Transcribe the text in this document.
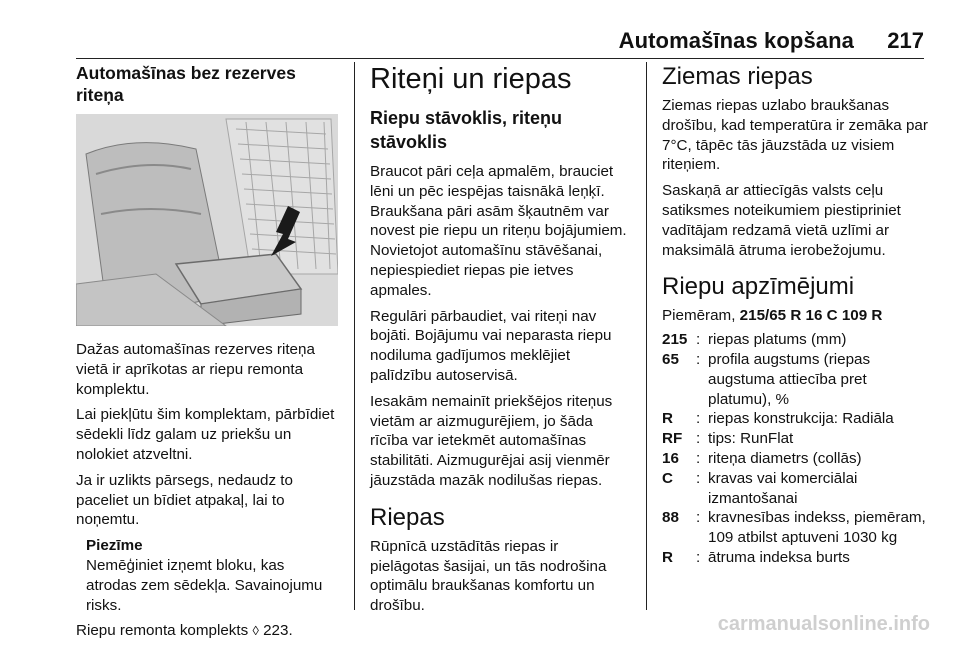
Automašīnas kopšana 217
Automašīnas bez rezerves riteņa

Dažas automašīnas rezerves riteņa vietā ir aprīkotas ar riepu remonta komplektu.

Lai piekļūtu šim komplektam, pārbīdiet sēdekli līdz galam uz priekšu un nolokiet atzveltni.

Ja ir uzlikts pārsegs, nedaudz to paceliet un bīdiet atpakaļ, lai to noņemtu.

Piezīme

Nemēģiniet izņemt bloku, kas atrodas zem sēdekļa. Savainojumu risks.

Riepu remonta komplekts ◊ 223.

Riteņi un riepas
Riepu stāvoklis, riteņu stāvoklis

Braucot pāri ceļa apmalēm, brauciet lēni un pēc iespējas taisnākā leņķī. Braukšana pāri asām šķautnēm var novest pie riepu un riteņu bojājumiem. Novietojot automašīnu stāvēšanai, nepiespiediet riepas pie ietves apmales.

Regulāri pārbaudiet, vai riteņi nav bojāti. Bojājumu vai neparasta riepu nodiluma gadījumos meklējiet palīdzību autoservisā.

Iesakām nemainīt priekšējos riteņus vietām ar aizmugurējiem, jo šāda rīcība var ietekmēt automašīnas stabilitāti. Aizmugurējai asij vienmēr jāuzstāda mazāk nodilušas riepas.

Riepas

Rūpnīcā uzstādītās riepas ir pielāgotas šasijai, un tās nodrošina optimālu braukšanas komfortu un drošību.

Ziemas riepas

Ziemas riepas uzlabo braukšanas drošību, kad temperatūra ir zemāka par 7°C, tāpēc tās jāuzstāda uz visiem riteņiem.

Saskaņā ar attiecīgās valsts ceļu satiksmes noteikumiem piestipriniet vadītājam redzamā vietā uzlīmi ar maksimālā ātruma ierobežojumu.

Riepu apzīmējumi
Piemēram, 215/65 R 16 C 109 R
215 : riepas platums (mm)
65	: profila augstums (riepas augstuma attiecība pret platumu), %
R	: riepas konstrukcija: Radiāla
RF : tips: RunFlat
16	: riteņa diametrs (collās)
C	: kravas vai komerciālai izmantošanai
88	: kravnesības indekss, piemēram, 109 atbilst aptuveni 1030 kg
R	: ātruma indeksa burts
carmanualsonline.info
